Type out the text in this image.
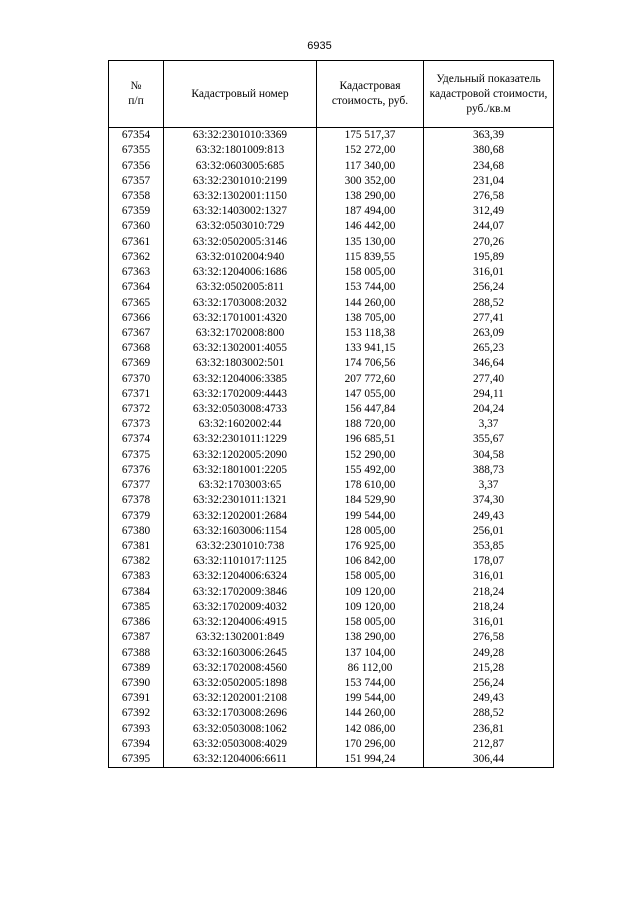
6935
№
п/п	Кадастровый номер	Кадастровая стоимость, руб.	Удельный показатель кадастровой стоимости, руб./кв.м
67354	63:32:2301010:3369	175 517,37	363,39
67355	63:32:1801009:813	152 272,00	380,68
67356	63:32:0603005:685	117 340,00	234,68
67357	63:32:2301010:2199	300 352,00	231,04
67358	63:32:1302001:1150	138 290,00	276,58
67359	63:32:1403002:1327	187 494,00	312,49
67360	63:32:0503010:729	146 442,00	244,07
67361	63:32:0502005:3146	135 130,00	270,26
67362	63:32:0102004:940	115 839,55	195,89
67363	63:32:1204006:1686	158 005,00	316,01
67364	63:32:0502005:811	153 744,00	256,24
67365	63:32:1703008:2032	144 260,00	288,52
67366	63:32:1701001:4320	138 705,00	277,41
67367	63:32:1702008:800	153 118,38	263,09
67368	63:32:1302001:4055	133 941,15	265,23
67369	63:32:1803002:501	174 706,56	346,64
67370	63:32:1204006:3385	207 772,60	277,40
67371	63:32:1702009:4443	147 055,00	294,11
67372	63:32:0503008:4733	156 447,84	204,24
67373	63:32:1602002:44	188 720,00	3,37
67374	63:32:2301011:1229	196 685,51	355,67
67375	63:32:1202005:2090	152 290,00	304,58
67376	63:32:1801001:2205	155 492,00	388,73
67377	63:32:1703003:65	178 610,00	3,37
67378	63:32:2301011:1321	184 529,90	374,30
67379	63:32:1202001:2684	199 544,00	249,43
67380	63:32:1603006:1154	128 005,00	256,01
67381	63:32:2301010:738	176 925,00	353,85
67382	63:32:1101017:1125	106 842,00	178,07
67383	63:32:1204006:6324	158 005,00	316,01
67384	63:32:1702009:3846	109 120,00	218,24
67385	63:32:1702009:4032	109 120,00	218,24
67386	63:32:1204006:4915	158 005,00	316,01
67387	63:32:1302001:849	138 290,00	276,58
67388	63:32:1603006:2645	137 104,00	249,28
67389	63:32:1702008:4560	86 112,00	215,28
67390	63:32:0502005:1898	153 744,00	256,24
67391	63:32:1202001:2108	199 544,00	249,43
67392	63:32:1703008:2696	144 260,00	288,52
67393	63:32:0503008:1062	142 086,00	236,81
67394	63:32:0503008:4029	170 296,00	212,87
67395	63:32:1204006:6611	151 994,24	306,44
